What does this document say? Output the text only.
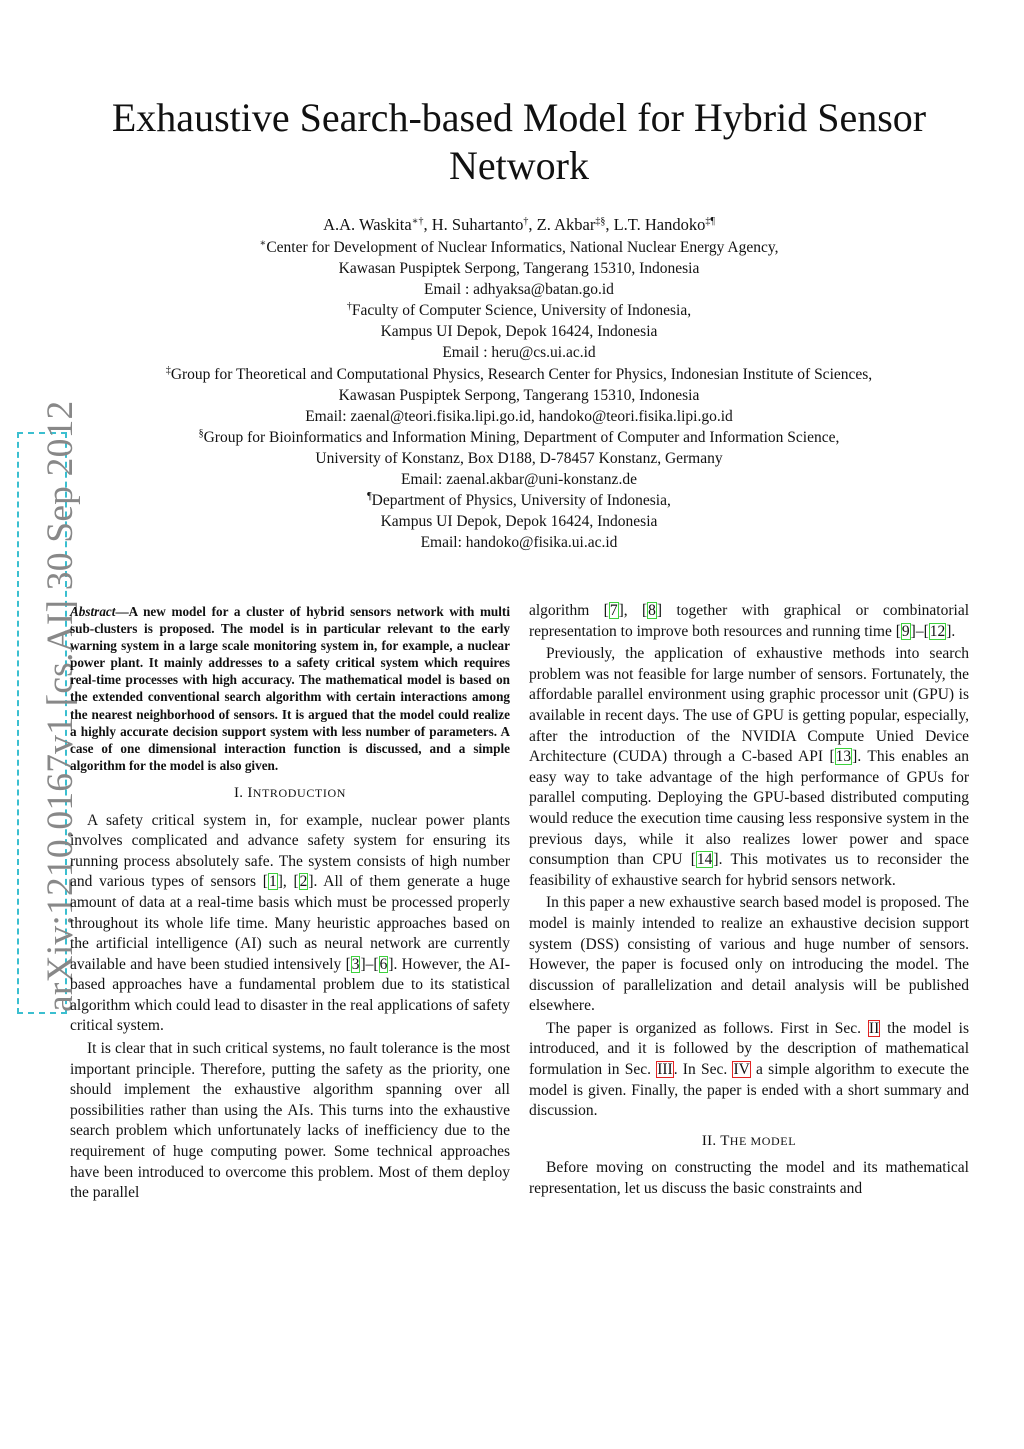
arXiv:1210.0167v1 [cs.AI] 30 Sep 2012
Exhaustive Search-based Model for Hybrid Sensor Network
A.A. Waskita∗†, H. Suhartanto†, Z. Akbar‡§, L.T. Handoko‡¶
∗Center for Development of Nuclear Informatics, National Nuclear Energy Agency,
Kawasan Puspiptek Serpong, Tangerang 15310, Indonesia
Email : adhyaksa@batan.go.id
†Faculty of Computer Science, University of Indonesia,
Kampus UI Depok, Depok 16424, Indonesia
Email : heru@cs.ui.ac.id
‡Group for Theoretical and Computational Physics, Research Center for Physics, Indonesian Institute of Sciences,
Kawasan Puspiptek Serpong, Tangerang 15310, Indonesia
Email: zaenal@teori.fisika.lipi.go.id, handoko@teori.fisika.lipi.go.id
§Group for Bioinformatics and Information Mining, Department of Computer and Information Science,
University of Konstanz, Box D188, D-78457 Konstanz, Germany
Email: zaenal.akbar@uni-konstanz.de
¶Department of Physics, University of Indonesia,
Kampus UI Depok, Depok 16424, Indonesia
Email: handoko@fisika.ui.ac.id
Abstract—A new model for a cluster of hybrid sensors network with multi sub-clusters is proposed. The model is in particular relevant to the early warning system in a large scale monitoring system in, for example, a nuclear power plant. It mainly addresses to a safety critical system which requires real-time processes with high accuracy. The mathematical model is based on the extended conventional search algorithm with certain interactions among the nearest neighborhood of sensors. It is argued that the model could realize a highly accurate decision support system with less number of parameters. A case of one dimensional interaction function is discussed, and a simple algorithm for the model is also given.
I. INTRODUCTION

A safety critical system in, for example, nuclear power plants involves complicated and advance safety system for ensuring its running process absolutely safe. The system consists of high number and various types of sensors [1], [2]. All of them generate a huge amount of data at a real-time basis which must be processed properly throughout its whole life time. Many heuristic approaches based on the artificial intelligence (AI) such as neural network are currently available and have been studied intensively [3]–[6]. However, the AI-based approaches have a fundamental problem due to its statistical algorithm which could lead to disaster in the real applications of safety critical system.

It is clear that in such critical systems, no fault tolerance is the most important principle. Therefore, putting the safety as the priority, one should implement the exhaustive algorithm spanning over all possibilities rather than using the AIs. This turns into the exhaustive search problem which unfortunately lacks of inefficiency due to the requirement of huge computing power. Some technical approaches have been introduced to overcome this problem. Most of them deploy the parallel

algorithm [7], [8] together with graphical or combinatorial representation to improve both resources and running time [9]–[12].

Previously, the application of exhaustive methods into search problem was not feasible for large number of sensors. Fortunately, the affordable parallel environment using graphic processor unit (GPU) is available in recent days. The use of GPU is getting popular, especially, after the introduction of the NVIDIA Compute Unied Device Architecture (CUDA) through a C-based API [13]. This enables an easy way to take advantage of the high performance of GPUs for parallel computing. Deploying the GPU-based distributed computing would reduce the execution time causing less responsive system in the previous days, while it also realizes lower power and space consumption than CPU [14]. This motivates us to reconsider the feasibility of exhaustive search for hybrid sensors network.

In this paper a new exhaustive search based model is proposed. The model is mainly intended to realize an exhaustive decision support system (DSS) consisting of various and huge number of sensors. However, the paper is focused only on introducing the model. The discussion of parallelization and detail analysis will be published elsewhere.

The paper is organized as follows. First in Sec. II the model is introduced, and it is followed by the description of mathematical formulation in Sec. III. In Sec. IV a simple algorithm to execute the model is given. Finally, the paper is ended with a short summary and discussion.

II. THE MODEL

Before moving on constructing the model and its mathematical representation, let us discuss the basic constraints and
